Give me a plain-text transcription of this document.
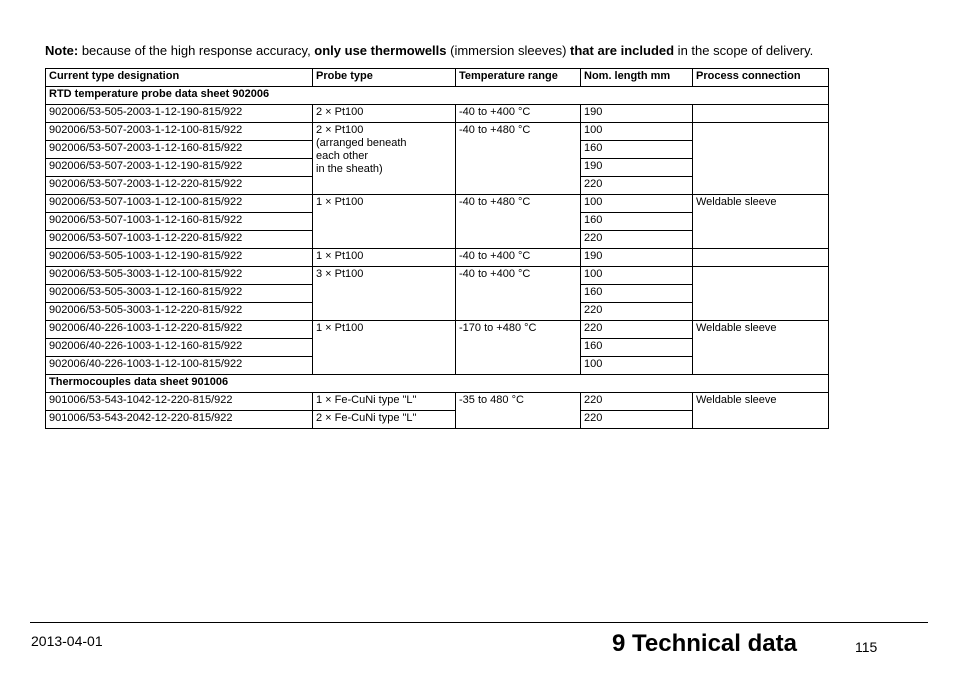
Note: because of the high response accuracy, only use thermowells (immersion sleeves) that are included in the scope of delivery.

Current type designation	Probe type	Temperature range	Nom. length mm	Process connection
RTD temperature probe data sheet 902006				
902006/53-505-2003-1-12-190-815/922	2 × Pt100	-40 to +400 °C	190	
902006/53-507-2003-1-12-100-815/922	2 × Pt100
(arranged beneath
each other
in the sheath)	-40 to +480 °C	100	
902006/53-507-2003-1-12-160-815/922			160	
902006/53-507-2003-1-12-190-815/922			190	
902006/53-507-2003-1-12-220-815/922			220	
902006/53-507-1003-1-12-100-815/922	1 × Pt100	-40 to +480 °C	100	Weldable sleeve
902006/53-507-1003-1-12-160-815/922			160	
902006/53-507-1003-1-12-220-815/922			220	
902006/53-505-1003-1-12-190-815/922	1 × Pt100	-40 to +400 °C	190	
902006/53-505-3003-1-12-100-815/922	3 × Pt100	-40 to +400 °C	100	
902006/53-505-3003-1-12-160-815/922			160	
902006/53-505-3003-1-12-220-815/922			220	
902006/40-226-1003-1-12-220-815/922	1 × Pt100	-170 to +480 °C	220	Weldable sleeve
902006/40-226-1003-1-12-160-815/922			160	
902006/40-226-1003-1-12-100-815/922			100	
Thermocouples data sheet 901006				
901006/53-543-1042-12-220-815/922	1 × Fe-CuNi type "L"	-35 to 480 °C	220	Weldable sleeve
901006/53-543-2042-12-220-815/922	2 × Fe-CuNi type "L"		220	
2013-04-01	9 Technical data	115
